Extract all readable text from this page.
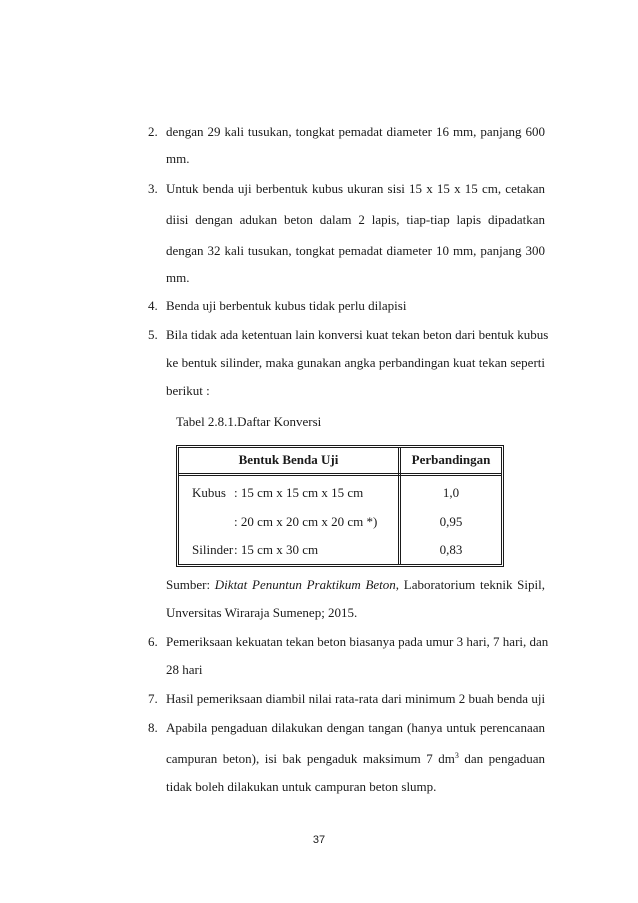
2. dengan 29 kali tusukan, tongkat pemadat diameter 16 mm, panjang 600
mm.
3. Untuk benda uji berbentuk kubus ukuran sisi 15 x 15 x 15 cm, cetakan
diisi dengan adukan beton dalam 2 lapis, tiap-tiap lapis dipadatkan
dengan 32 kali tusukan, tongkat pemadat diameter 10 mm, panjang 300
mm.
4. Benda uji berbentuk kubus tidak perlu dilapisi
5. Bila tidak ada ketentuan lain konversi kuat tekan beton dari bentuk kubus
ke bentuk silinder, maka gunakan angka perbandingan kuat tekan seperti
berikut :
Tabel 2.8.1.Daftar Konversi
Bentuk Benda Uji	Perbandingan
Kubus : 15 cm x 15 cm x 15 cm	1,0
: 20 cm x 20 cm x 20 cm *)	0,95
Silinder : 15 cm x 30 cm	0,83
Sumber: Diktat Penuntun Praktikum Beton, Laboratorium teknik Sipil,
Unversitas Wiraraja Sumenep; 2015.
6. Pemeriksaan kekuatan tekan beton biasanya pada umur 3 hari, 7 hari, dan
28 hari
7. Hasil pemeriksaan diambil nilai rata-rata dari minimum 2 buah benda uji
8. Apabila pengaduan dilakukan dengan tangan (hanya untuk perencanaan
campuran beton), isi bak pengaduk maksimum 7 $dm^3$ dan pengaduan
tidak boleh dilakukan untuk campuran beton slump.
37
